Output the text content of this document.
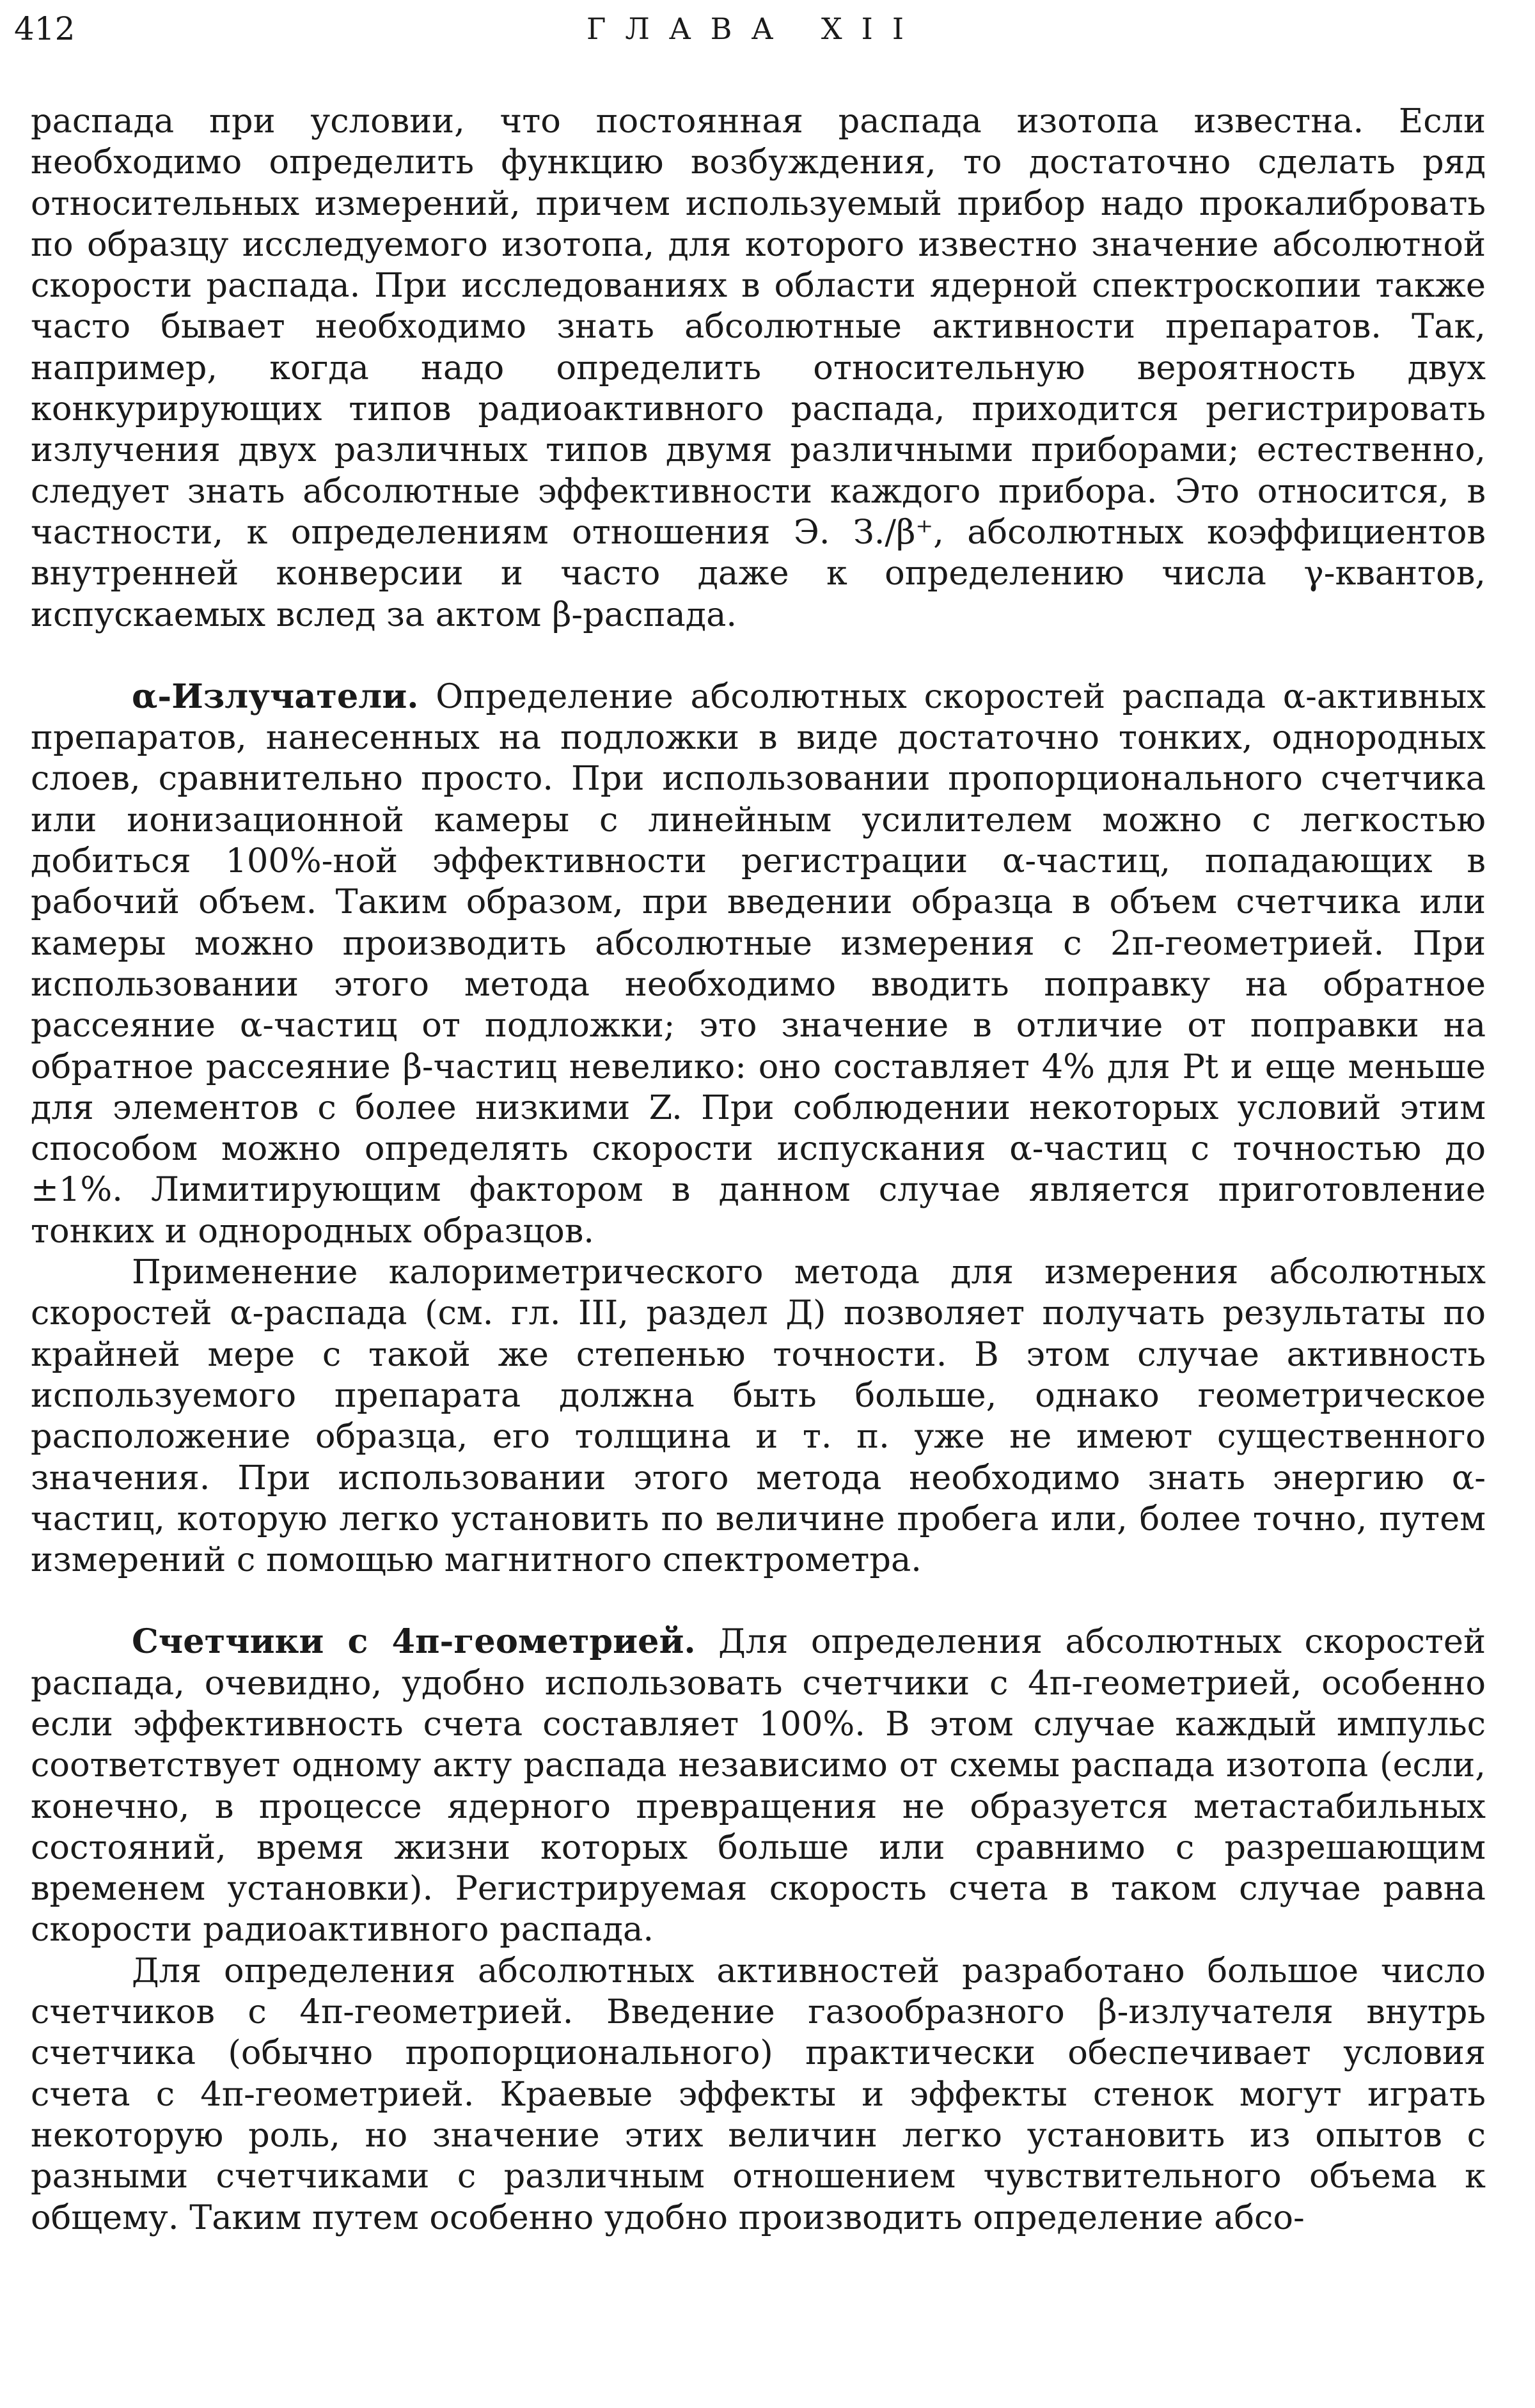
412	ГЛАВА XII

распада при условии, что постоянная распада изотопа известна. Если необходимо определить функцию возбуждения, то достаточно сделать ряд относительных измерений, причем используемый прибор надо прокалибровать по образцу исследуемого изотопа, для которого известно значение абсолютной скорости распада. При исследованиях в области ядерной спектроскопии также часто бывает необходимо знать абсолютные активности препаратов. Так, например, когда надо определить относительную вероятность двух конкурирующих типов радиоактивного распада, приходится регистрировать излучения двух различных типов двумя различными приборами; естественно, следует знать абсолютные эффективности каждого прибора. Это относится, в частности, к определениям отношения Э. З./β⁺, абсолютных коэффициентов внутренней конверсии и часто даже к определению числа γ-квантов, испускаемых вслед за актом β-распада.

α-Излучатели. Определение абсолютных скоростей распада α-активных препаратов, нанесенных на подложки в виде достаточно тонких, однородных слоев, сравнительно просто. При использовании пропорционального счетчика или ионизационной камеры с линейным усилителем можно с легкостью добиться 100%-ной эффективности регистрации α-частиц, попадающих в рабочий объем. Таким образом, при введении образца в объем счетчика или камеры можно производить абсолютные измерения с 2π-геометрией. При использовании этого метода необходимо вводить поправку на обратное рассеяние α-частиц от подложки; это значение в отличие от поправки на обратное рассеяние β-частиц невелико: оно составляет 4% для Pt и еще меньше для элементов с более низкими Z. При соблюдении некоторых условий этим способом можно определять скорости испускания α-частиц с точностью до ±1%. Лимитирующим фактором в данном случае является приготовление тонких и однородных образцов.

Применение калориметрического метода для измерения абсолютных скоростей α-распада (см. гл. III, раздел Д) позволяет получать результаты по крайней мере с такой же степенью точности. В этом случае активность используемого препарата должна быть больше, однако геометрическое расположение образца, его толщина и т. п. уже не имеют существенного значения. При использовании этого метода необходимо знать энергию α-частиц, которую легко установить по величине пробега или, более точно, путем измерений с помощью магнитного спектрометра.

Счетчики с 4π-геометрией. Для определения абсолютных скоростей распада, очевидно, удобно использовать счетчики с 4π-геометрией, особенно если эффективность счета составляет 100%. В этом случае каждый импульс соответствует одному акту распада независимо от схемы распада изотопа (если, конечно, в процессе ядерного превращения не образуется метастабильных состояний, время жизни которых больше или сравнимо с разрешающим временем установки). Регистрируемая скорость счета в таком случае равна скорости радиоактивного распада.

Для определения абсолютных активностей разработано большое число счетчиков с 4π-геометрией. Введение газообразного β-излучателя внутрь счетчика (обычно пропорционального) практически обеспечивает условия счета с 4π-геометрией. Краевые эффекты и эффекты стенок могут играть некоторую роль, но значение этих величин легко установить из опытов с разными счетчиками с различным отношением чувствительного объема к общему. Таким путем особенно удобно производить определение абсо-
